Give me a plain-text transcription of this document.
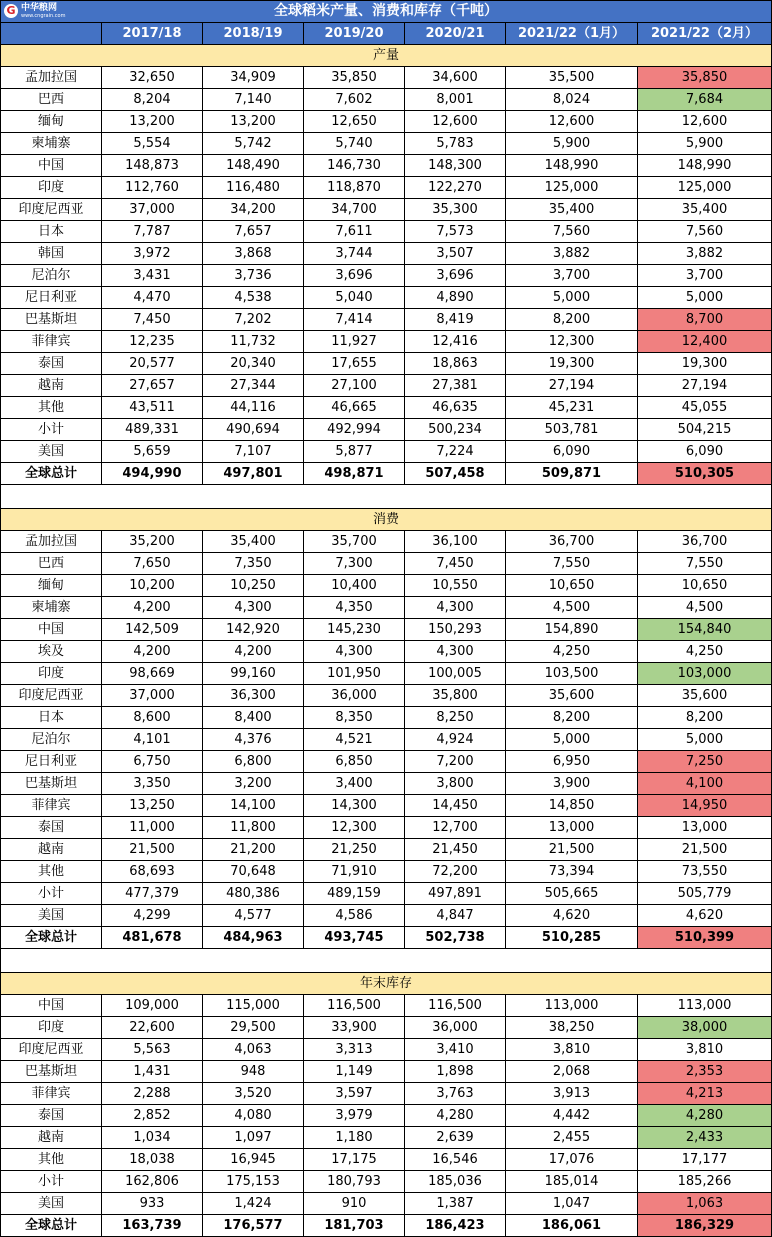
G 中华粮网
www.cngrain.com 全球稻米产量、消费和库存（千吨）						
	2017/18	2018/19	2019/20	2020/21	2021/22（1月）	2021/22（2月）
产量						
孟加拉国	32,650	34,909	35,850	34,600	35,500	35,850
巴西	8,204	7,140	7,602	8,001	8,024	7,684
缅甸	13,200	13,200	12,650	12,600	12,600	12,600
柬埔寨	5,554	5,742	5,740	5,783	5,900	5,900
中国	148,873	148,490	146,730	148,300	148,990	148,990
印度	112,760	116,480	118,870	122,270	125,000	125,000
印度尼西亚	37,000	34,200	34,700	35,300	35,400	35,400
日本	7,787	7,657	7,611	7,573	7,560	7,560
韩国	3,972	3,868	3,744	3,507	3,882	3,882
尼泊尔	3,431	3,736	3,696	3,696	3,700	3,700
尼日利亚	4,470	4,538	5,040	4,890	5,000	5,000
巴基斯坦	7,450	7,202	7,414	8,419	8,200	8,700
菲律宾	12,235	11,732	11,927	12,416	12,300	12,400
泰国	20,577	20,340	17,655	18,863	19,300	19,300
越南	27,657	27,344	27,100	27,381	27,194	27,194
其他	43,511	44,116	46,665	46,635	45,231	45,055
小计	489,331	490,694	492,994	500,234	503,781	504,215
美国	5,659	7,107	5,877	7,224	6,090	6,090
全球总计	494,990	497,801	498,871	507,458	509,871	510,305

消费						
孟加拉国	35,200	35,400	35,700	36,100	36,700	36,700
巴西	7,650	7,350	7,300	7,450	7,550	7,550
缅甸	10,200	10,250	10,400	10,550	10,650	10,650
柬埔寨	4,200	4,300	4,350	4,300	4,500	4,500
中国	142,509	142,920	145,230	150,293	154,890	154,840
埃及	4,200	4,200	4,300	4,300	4,250	4,250
印度	98,669	99,160	101,950	100,005	103,500	103,000
印度尼西亚	37,000	36,300	36,000	35,800	35,600	35,600
日本	8,600	8,400	8,350	8,250	8,200	8,200
尼泊尔	4,101	4,376	4,521	4,924	5,000	5,000
尼日利亚	6,750	6,800	6,850	7,200	6,950	7,250
巴基斯坦	3,350	3,200	3,400	3,800	3,900	4,100
菲律宾	13,250	14,100	14,300	14,450	14,850	14,950
泰国	11,000	11,800	12,300	12,700	13,000	13,000
越南	21,500	21,200	21,250	21,450	21,500	21,500
其他	68,693	70,648	71,910	72,200	73,394	73,550
小计	477,379	480,386	489,159	497,891	505,665	505,779
美国	4,299	4,577	4,586	4,847	4,620	4,620
全球总计	481,678	484,963	493,745	502,738	510,285	510,399

年末库存						
中国	109,000	115,000	116,500	116,500	113,000	113,000
印度	22,600	29,500	33,900	36,000	38,250	38,000
印度尼西亚	5,563	4,063	3,313	3,410	3,810	3,810
巴基斯坦	1,431	948	1,149	1,898	2,068	2,353
菲律宾	2,288	3,520	3,597	3,763	3,913	4,213
泰国	2,852	4,080	3,979	4,280	4,442	4,280
越南	1,034	1,097	1,180	2,639	2,455	2,433
其他	18,038	16,945	17,175	16,546	17,076	17,177
小计	162,806	175,153	180,793	185,036	185,014	185,266
美国	933	1,424	910	1,387	1,047	1,063
全球总计	163,739	176,577	181,703	186,423	186,061	186,329
